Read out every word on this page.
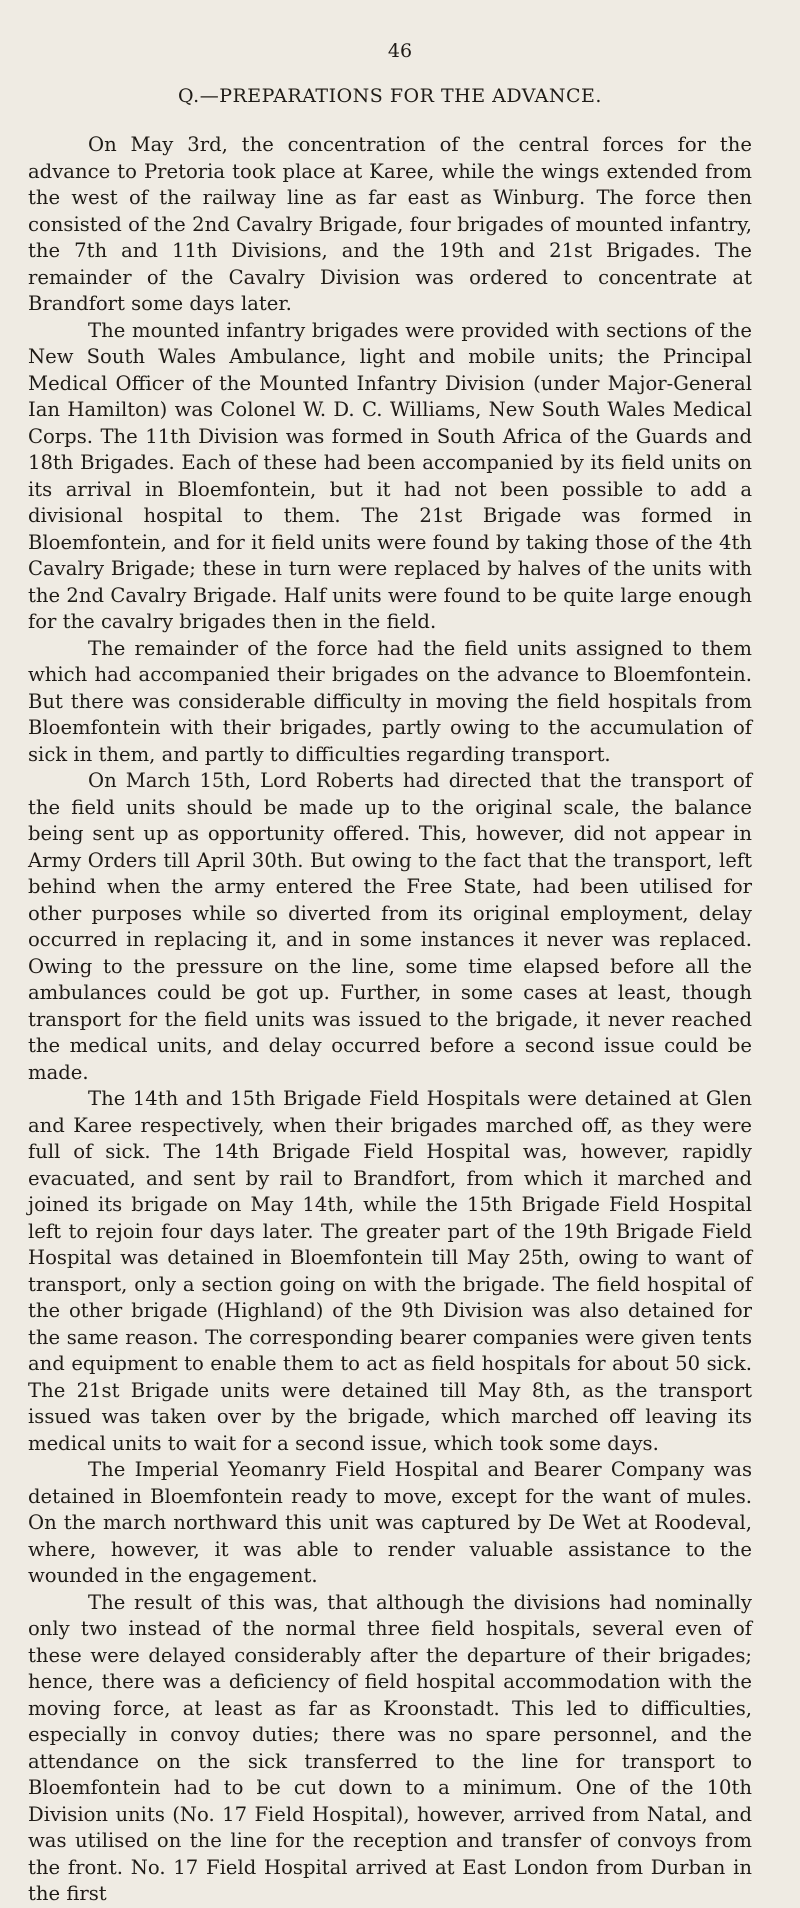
46
Q.—PREPARATIONS FOR THE ADVANCE.

On May 3rd, the concentration of the central forces for the advance to Pretoria took place at Karee, while the wings extended from the west of the railway line as far east as Winburg. The force then consisted of the 2nd Cavalry Brigade, four brigades of mounted infantry, the 7th and 11th Divisions, and the 19th and 21st Brigades. The remainder of the Cavalry Division was ordered to concentrate at Brandfort some days later.

The mounted infantry brigades were provided with sections of the New South Wales Ambulance, light and mobile units; the Principal Medical Officer of the Mounted Infantry Division (under Major-General Ian Hamilton) was Colonel W. D. C. Williams, New South Wales Medical Corps. The 11th Division was formed in South Africa of the Guards and 18th Brigades. Each of these had been accompanied by its field units on its arrival in Bloemfontein, but it had not been possible to add a divisional hospital to them. The 21st Brigade was formed in Bloemfontein, and for it field units were found by taking those of the 4th Cavalry Brigade; these in turn were replaced by halves of the units with the 2nd Cavalry Brigade. Half units were found to be quite large enough for the cavalry brigades then in the field.

The remainder of the force had the field units assigned to them which had accompanied their brigades on the advance to Bloemfontein. But there was considerable difficulty in moving the field hospitals from Bloemfontein with their brigades, partly owing to the accumulation of sick in them, and partly to difficulties regarding transport.

On March 15th, Lord Roberts had directed that the transport of the field units should be made up to the original scale, the balance being sent up as opportunity offered. This, however, did not appear in Army Orders till April 30th. But owing to the fact that the transport, left behind when the army entered the Free State, had been utilised for other purposes while so diverted from its original employment, delay occurred in replacing it, and in some instances it never was replaced. Owing to the pressure on the line, some time elapsed before all the ambulances could be got up. Further, in some cases at least, though transport for the field units was issued to the brigade, it never reached the medical units, and delay occurred before a second issue could be made.

The 14th and 15th Brigade Field Hospitals were detained at Glen and Karee respectively, when their brigades marched off, as they were full of sick. The 14th Brigade Field Hospital was, however, rapidly evacuated, and sent by rail to Brandfort, from which it marched and joined its brigade on May 14th, while the 15th Brigade Field Hospital left to rejoin four days later. The greater part of the 19th Brigade Field Hospital was detained in Bloemfontein till May 25th, owing to want of transport, only a section going on with the brigade. The field hospital of the other brigade (Highland) of the 9th Division was also detained for the same reason. The corresponding bearer companies were given tents and equipment to enable them to act as field hospitals for about 50 sick. The 21st Brigade units were detained till May 8th, as the transport issued was taken over by the brigade, which marched off leaving its medical units to wait for a second issue, which took some days.

The Imperial Yeomanry Field Hospital and Bearer Company was detained in Bloemfontein ready to move, except for the want of mules. On the march northward this unit was captured by De Wet at Roodeval, where, however, it was able to render valuable assistance to the wounded in the engagement.

The result of this was, that although the divisions had nominally only two instead of the normal three field hospitals, several even of these were delayed considerably after the departure of their brigades; hence, there was a deficiency of field hospital accommodation with the moving force, at least as far as Kroonstadt. This led to difficulties, especially in convoy duties; there was no spare personnel, and the attendance on the sick transferred to the line for transport to Bloemfontein had to be cut down to a minimum. One of the 10th Division units (No. 17 Field Hospital), however, arrived from Natal, and was utilised on the line for the reception and transfer of convoys from the front. No. 17 Field Hospital arrived at East London from Durban in the first
